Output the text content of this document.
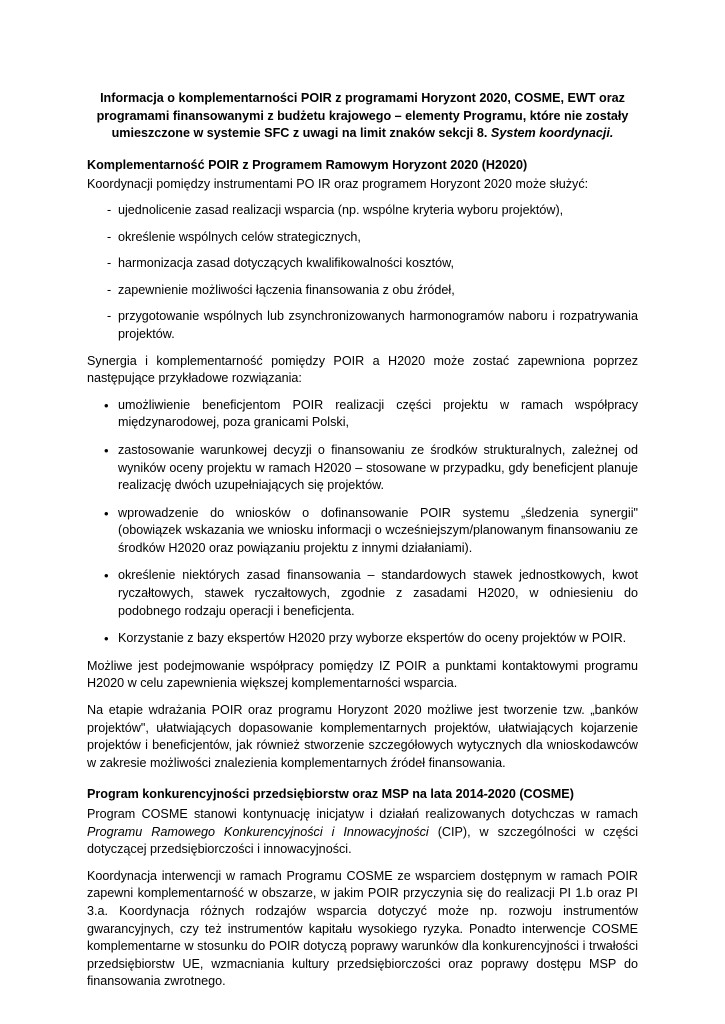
Informacja o komplementarności POIR z programami Horyzont 2020, COSME, EWT oraz programami finansowanymi z budżetu krajowego – elementy Programu, które nie zostały umieszczone w systemie SFC z uwagi na limit znaków sekcji 8. System koordynacji.
Komplementarność POIR z Programem Ramowym Horyzont 2020 (H2020)

Koordynacji pomiędzy instrumentami PO IR oraz programem Horyzont 2020 może służyć:

- ujednolicenie zasad realizacji wsparcia (np. wspólne kryteria wyboru projektów),
- określenie wspólnych celów strategicznych,
- harmonizacja zasad dotyczących kwalifikowalności kosztów,
- zapewnienie możliwości łączenia finansowania z obu źródeł,
- przygotowanie wspólnych lub zsynchronizowanych harmonogramów naboru i rozpatrywania projektów.

Synergia i komplementarność pomiędzy POIR a H2020 może zostać zapewniona poprzez następujące przykładowe rozwiązania:

• umożliwienie beneficjentom POIR realizacji części projektu w ramach współpracy międzynarodowej, poza granicami Polski,
• zastosowanie warunkowej decyzji o finansowaniu ze środków strukturalnych, zależnej od wyników oceny projektu w ramach H2020 – stosowane w przypadku, gdy beneficjent planuje realizację dwóch uzupełniających się projektów.
• wprowadzenie do wniosków o dofinansowanie POIR systemu „śledzenia synergii" (obowiązek wskazania we wniosku informacji o wcześniejszym/planowanym finansowaniu ze środków H2020 oraz powiązaniu projektu z innymi działaniami).
• określenie niektórych zasad finansowania – standardowych stawek jednostkowych, kwot ryczałtowych, stawek ryczałtowych, zgodnie z zasadami H2020, w odniesieniu do podobnego rodzaju operacji i beneficjenta.
• Korzystanie z bazy ekspertów H2020 przy wyborze ekspertów do oceny projektów w POIR.

Możliwe jest podejmowanie współpracy pomiędzy IZ POIR a punktami kontaktowymi programu H2020 w celu zapewnienia większej komplementarności wsparcia.

Na etapie wdrażania POIR oraz programu Horyzont 2020 możliwe jest tworzenie tzw. „banków projektów", ułatwiających dopasowanie komplementarnych projektów, ułatwiających kojarzenie projektów i beneficjentów, jak również stworzenie szczegółowych wytycznych dla wnioskodawców w zakresie możliwości znalezienia komplementarnych źródeł finansowania.

Program konkurencyjności przedsiębiorstw oraz MSP na lata 2014-2020 (COSME)

Program COSME stanowi kontynuację inicjatyw i działań realizowanych dotychczas w ramach Programu Ramowego Konkurencyjności i Innowacyjności (CIP), w szczególności w części dotyczącej przedsiębiorczości i innowacyjności.

Koordynacja interwencji w ramach Programu COSME ze wsparciem dostępnym w ramach POIR zapewni komplementarność w obszarze, w jakim POIR przyczynia się do realizacji PI 1.b oraz PI 3.a. Koordynacja różnych rodzajów wsparcia dotyczyć może np. rozwoju instrumentów gwarancyjnych, czy też instrumentów kapitału wysokiego ryzyka. Ponadto interwencje COSME komplementarne w stosunku do POIR dotyczą poprawy warunków dla konkurencyjności i trwałości przedsiębiorstw UE, wzmacniania kultury przedsiębiorczości oraz poprawy dostępu MSP do finansowania zwrotnego.
